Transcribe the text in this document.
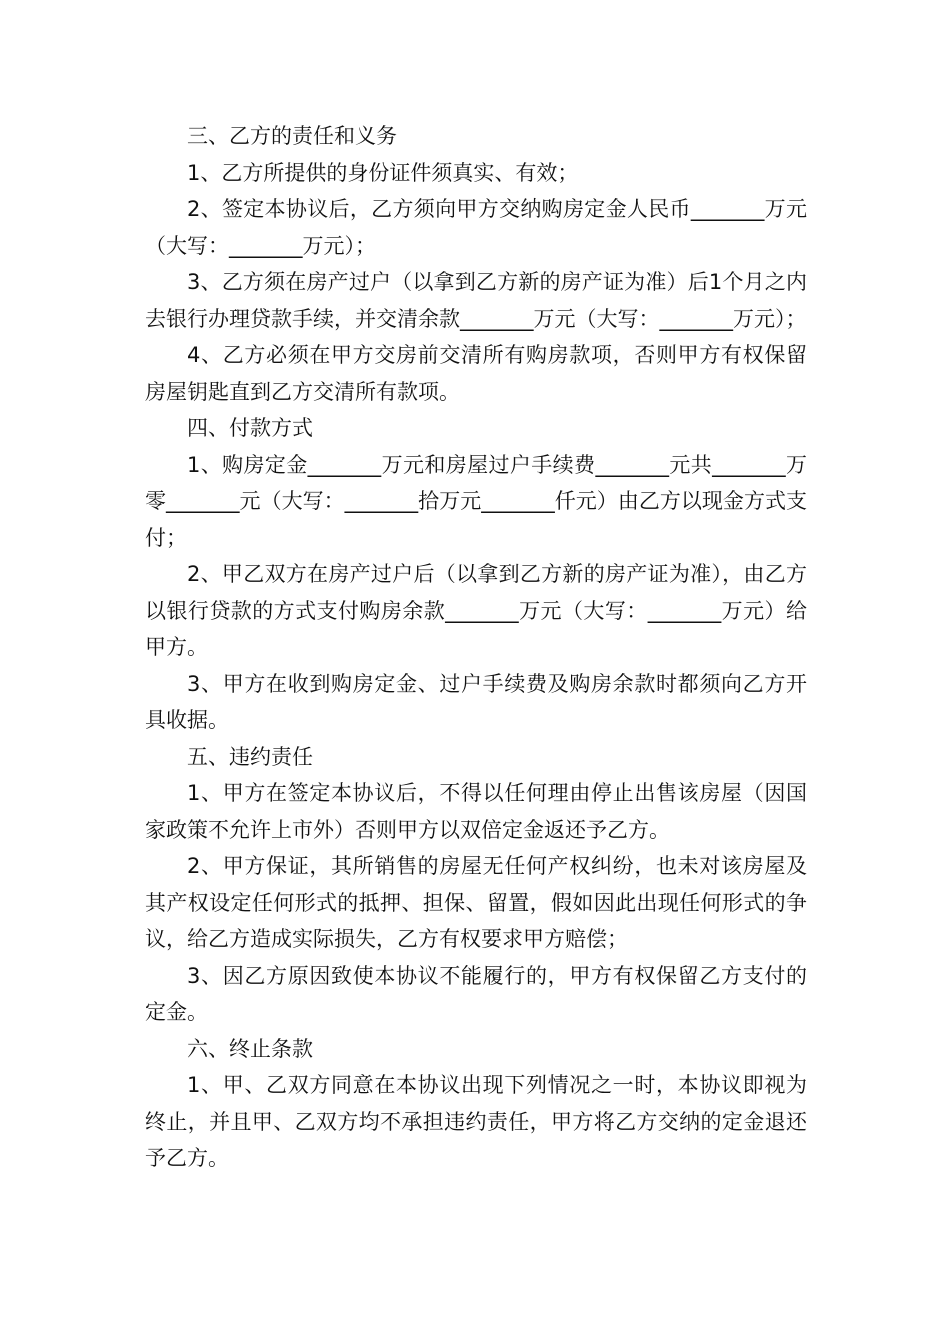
三、乙方的责任和义务

1、乙方所提供的身份证件须真实、有效；

2、签定本协议后，乙方须向甲方交纳购房定金人民币_______万元（大写：_______万元）；

3、乙方须在房产过户（以拿到乙方新的房产证为准）后1个月之内去银行办理贷款手续，并交清余款_______万元（大写：_______万元）；

4、乙方必须在甲方交房前交清所有购房款项，否则甲方有权保留房屋钥匙直到乙方交清所有款项。

四、付款方式

1、购房定金_______万元和房屋过户手续费_______元共_______万零_______元（大写：_______拾万元_______仟元）由乙方以现金方式支付；

2、甲乙双方在房产过户后（以拿到乙方新的房产证为准），由乙方以银行贷款的方式支付购房余款_______万元（大写：_______万元）给甲方。

3、甲方在收到购房定金、过户手续费及购房余款时都须向乙方开具收据。

五、违约责任

1、甲方在签定本协议后，不得以任何理由停止出售该房屋（因国家政策不允许上市外）否则甲方以双倍定金返还予乙方。

2、甲方保证，其所销售的房屋无任何产权纠纷，也未对该房屋及其产权设定任何形式的抵押、担保、留置，假如因此出现任何形式的争议，给乙方造成实际损失，乙方有权要求甲方赔偿；

3、因乙方原因致使本协议不能履行的，甲方有权保留乙方支付的定金。

六、终止条款

1、甲、乙双方同意在本协议出现下列情况之一时，本协议即视为终止，并且甲、乙双方均不承担违约责任，甲方将乙方交纳的定金退还予乙方。
